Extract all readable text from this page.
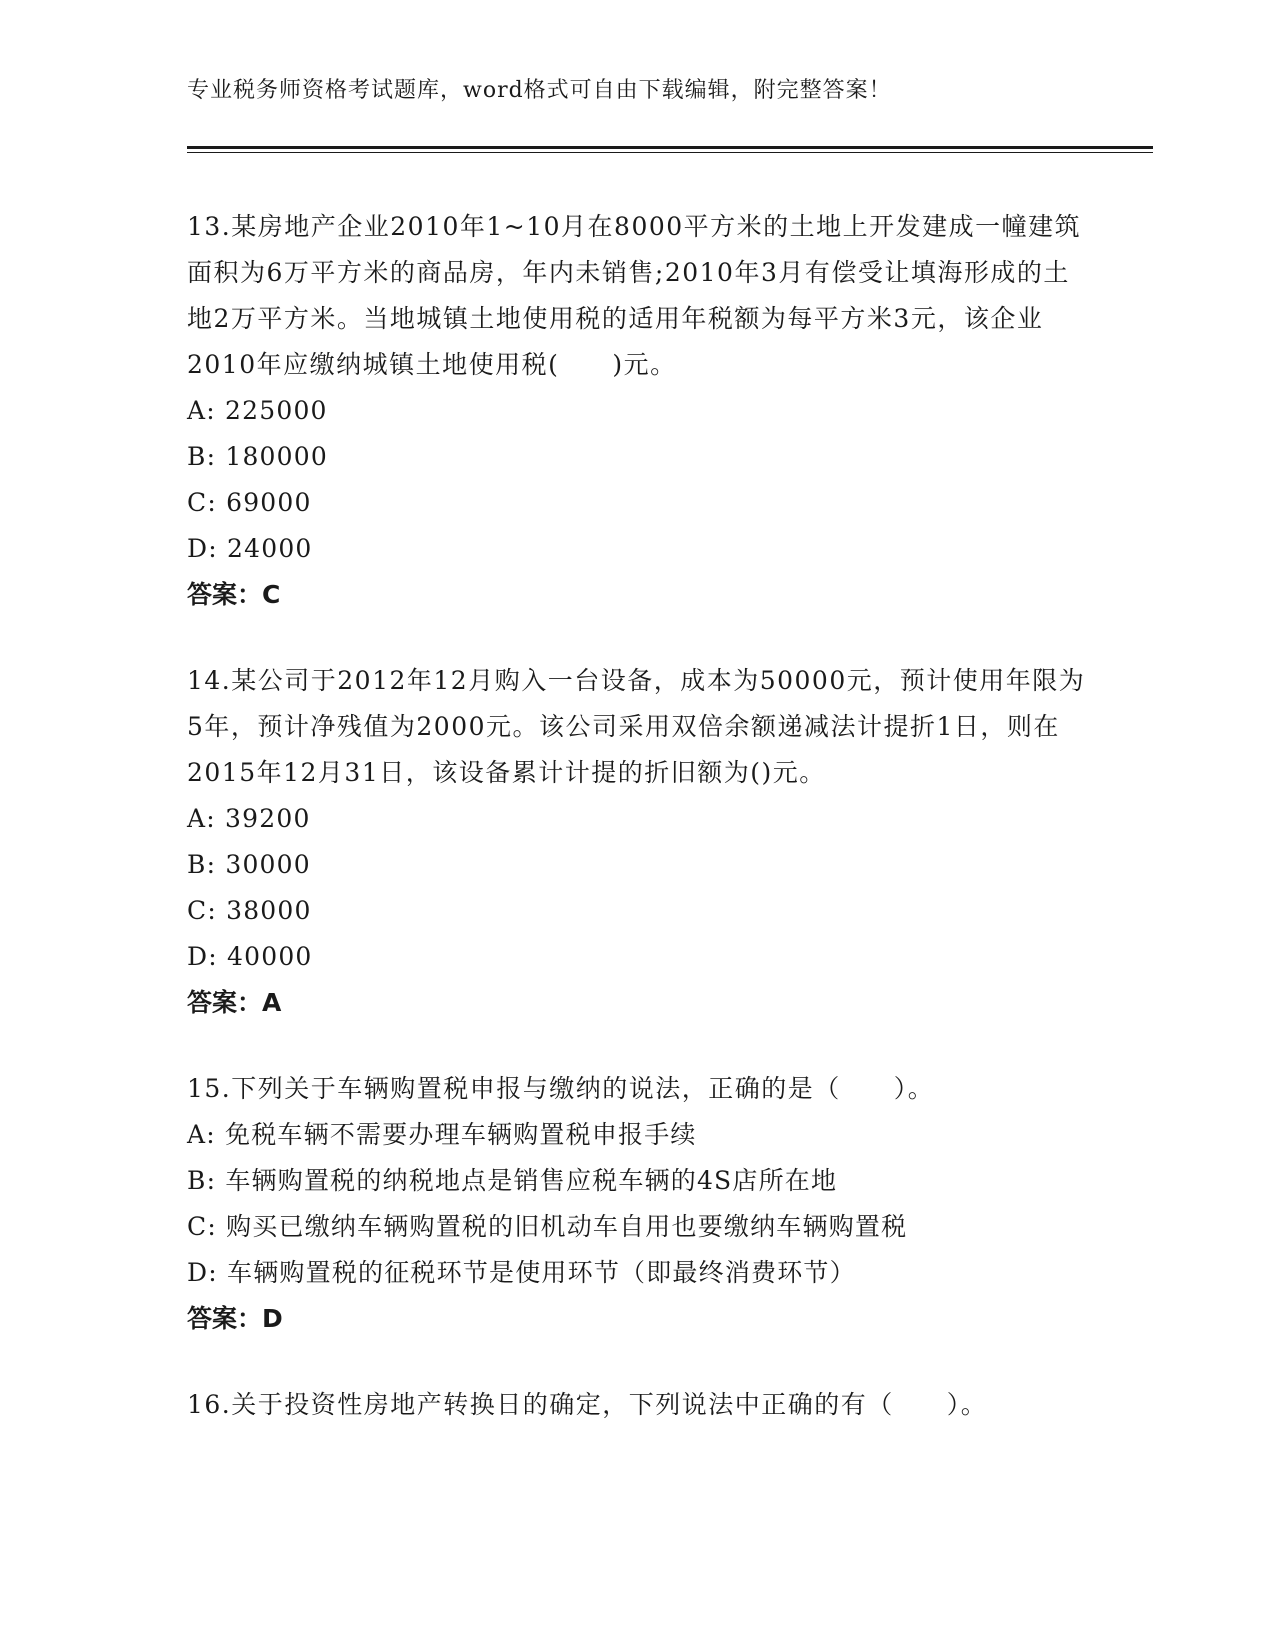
专业税务师资格考试题库，word格式可自由下载编辑，附完整答案！

13.某房地产企业2010年1~10月在8000平方米的土地上开发建成一幢建筑面积为6万平方米的商品房，年内未销售;2010年3月有偿受让填海形成的土地2万平方米。当地城镇土地使用税的适用年税额为每平方米3元，该企业2010年应缴纳城镇土地使用税(　　)元。

A: 225000

B: 180000

C: 69000

D: 24000

答案：C

14.某公司于2012年12月购入一台设备，成本为50000元，预计使用年限为5年，预计净残值为2000元。该公司采用双倍余额递减法计提折1日，则在2015年12月31日，该设备累计计提的折旧额为()元。

A: 39200

B: 30000

C: 38000

D: 40000

答案：A

15.下列关于车辆购置税申报与缴纳的说法，正确的是（　　）。

A: 免税车辆不需要办理车辆购置税申报手续

B: 车辆购置税的纳税地点是销售应税车辆的4S店所在地

C: 购买已缴纳车辆购置税的旧机动车自用也要缴纳车辆购置税

D: 车辆购置税的征税环节是使用环节（即最终消费环节）

答案：D

16.关于投资性房地产转换日的确定，下列说法中正确的有（　　）。
